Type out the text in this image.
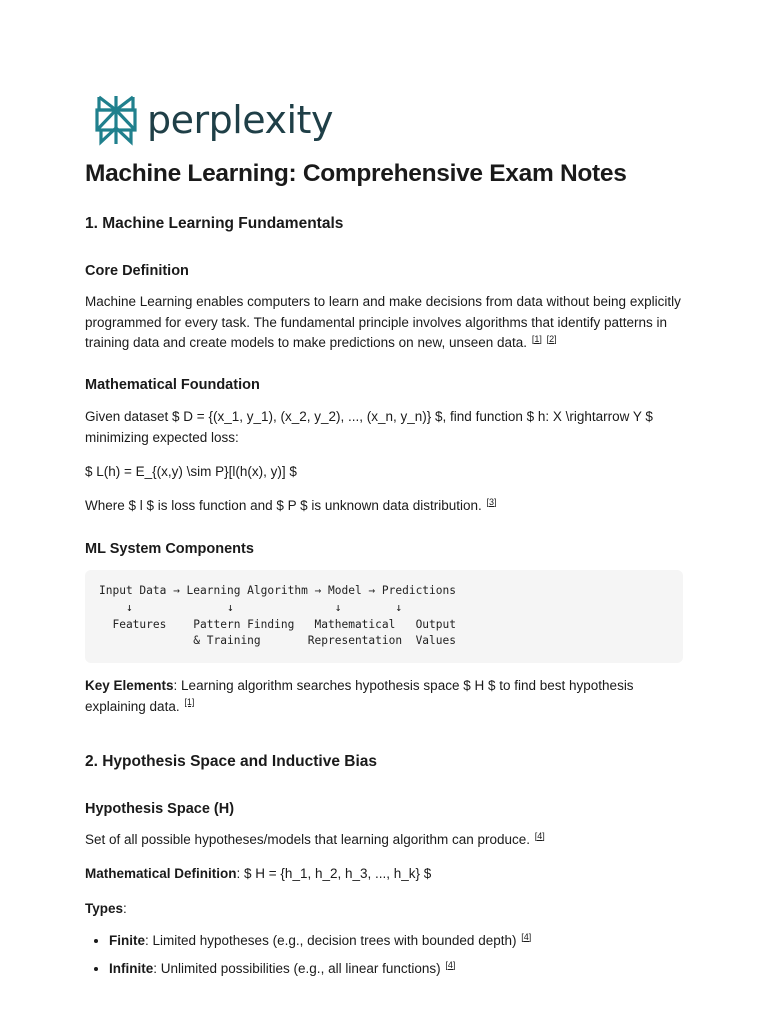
perplexity
Machine Learning: Comprehensive Exam Notes
1. Machine Learning Fundamentals
Core Definition

Machine Learning enables computers to learn and make decisions from data without being explicitly programmed for every task. The fundamental principle involves algorithms that identify patterns in training data and create models to make predictions on new, unseen data. [1] [2]

Mathematical Foundation

Given dataset $ D = {(x_1, y_1), (x_2, y_2), ..., (x_n, y_n)} $, find function $ h: X \rightarrow Y $ minimizing expected loss:

$ L(h) = E_{(x,y) \sim P}[l(h(x), y)] $

Where $ l $ is loss function and $ P $ is unknown data distribution. [3]

ML System Components
Input Data → Learning Algorithm → Model → Predictions
↓              ↓               ↓        ↓
Features    Pattern Finding   Mathematical   Output
& Training       Representation  Values

Key Elements: Learning algorithm searches hypothesis space $ H $ to find best hypothesis explaining data. [1]

2. Hypothesis Space and Inductive Bias
Hypothesis Space (H)

Set of all possible hypotheses/models that learning algorithm can produce. [4]

Mathematical Definition: $ H = {h_1, h_2, h_3, ..., h_k} $

Types:

• Finite: Limited hypotheses (e.g., decision trees with bounded depth) [4]
• Infinite: Unlimited possibilities (e.g., all linear functions) [4]
